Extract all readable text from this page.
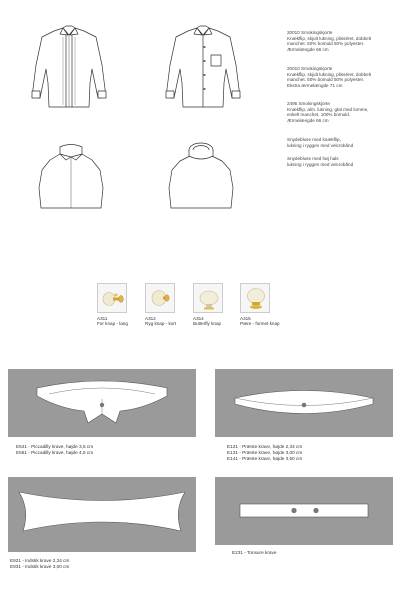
20010 Smokingskjorte
Knækflip, skjult lukning, plisséret, dobbelt
manchet. 50% bomuld 50% polyester.
Ærmelængde 66 cm
20010 Smokingskjorte
Knækflip, skjult lukning, plisséret, dobbelt
manchet. 50% bomuld 50% polyester.
Ekstra ærmelængde 71 cm
2495 Smokingskjorte
Knækflip, alm. lukning, glat med lomme,
enkelt manchet, 100% bomuld.
Ærmelængde 66 cm
Snydebluse med knækflip,
lukning i ryggen med velcrobånd
Snydebluse med høj hals
lukning i ryggen med velcrobånd
A311
For knap - lang
A312
Ryg knap - kort
A314
Butterfly knap
A315
Pære - formet knap
E541 - Piccadilly krave, højde 3,5 cm
E561 - Piccadilly krave, højde 4,5 cm
E121 - Præste krave, højde 2,34 cm
E131 - Præste krave, højde 3,00 cm
E141 - Præste krave, højde 3,50 cm
E921 - Indstik krave 2,34 cm
E931 - Indstik krave 3,00 cm
E231 - Tonsure krave
